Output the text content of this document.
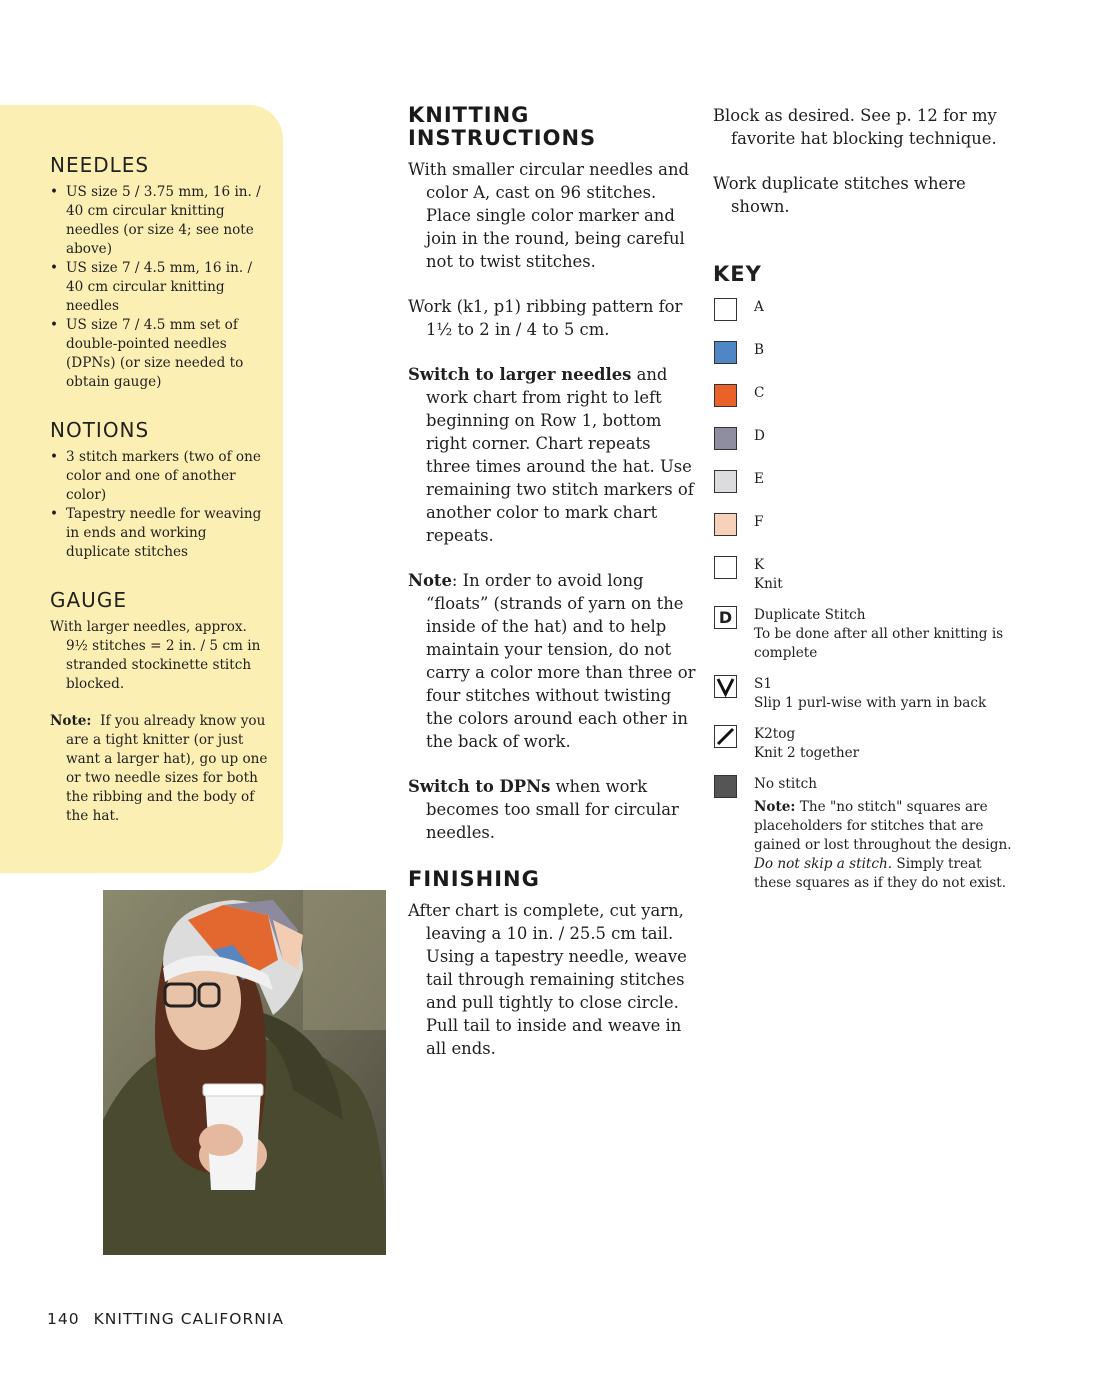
NEEDLES
• US size 5 / 3.75 mm, 16 in. / 40 cm circular knitting needles (or size 4; see note above)
• US size 7 / 4.5 mm, 16 in. / 40 cm circular knitting needles
• US size 7 / 4.5 mm set of double-pointed needles (DPNs) (or size needed to obtain gauge)
NOTIONS
• 3 stitch markers (two of one color and one of another color)
• Tapestry needle for weaving in ends and working duplicate stitches
GAUGE

With larger needles, approx. 9½ stitches = 2 in. / 5 cm in stranded stockinette stitch blocked.

Note: If you already know you are a tight knitter (or just want a larger hat), go up one or two needle sizes for both the ribbing and the body of the hat.

KNITTING INSTRUCTIONS

With smaller circular needles and color A, cast on 96 stitches. Place single color marker and join in the round, being careful not to twist stitches.

Work (k1, p1) ribbing pattern for 1½ to 2 in / 4 to 5 cm.

Switch to larger needles and work chart from right to left beginning on Row 1, bottom right corner. Chart repeats three times around the hat. Use remaining two stitch markers of another color to mark chart repeats.

Note: In order to avoid long “floats” (strands of yarn on the inside of the hat) and to help maintain your tension, do not carry a color more than three or four stitches without twisting the colors around each other in the back of work.

Switch to DPNs when work becomes too small for circular needles.

FINISHING

After chart is complete, cut yarn, leaving a 10 in. / 25.5 cm tail. Using a tapestry needle, weave tail through remaining stitches and pull tightly to close circle. Pull tail to inside and weave in all ends.

Block as desired. See p. 12 for my favorite hat blocking technique.

Work duplicate stitches where shown.

KEY
A
B
C
D
E
F
K
Knit
D	Duplicate Stitch
To be done after all other knitting is complete
S1
Slip 1 purl-wise with yarn in back
K2tog
Knit 2 together
No stitch
Note: The "no stitch" squares are placeholders for stitches that are gained or lost throughout the design. Do not skip a stitch. Simply treat these squares as if they do not exist.
140 KNITTING CALIFORNIA
